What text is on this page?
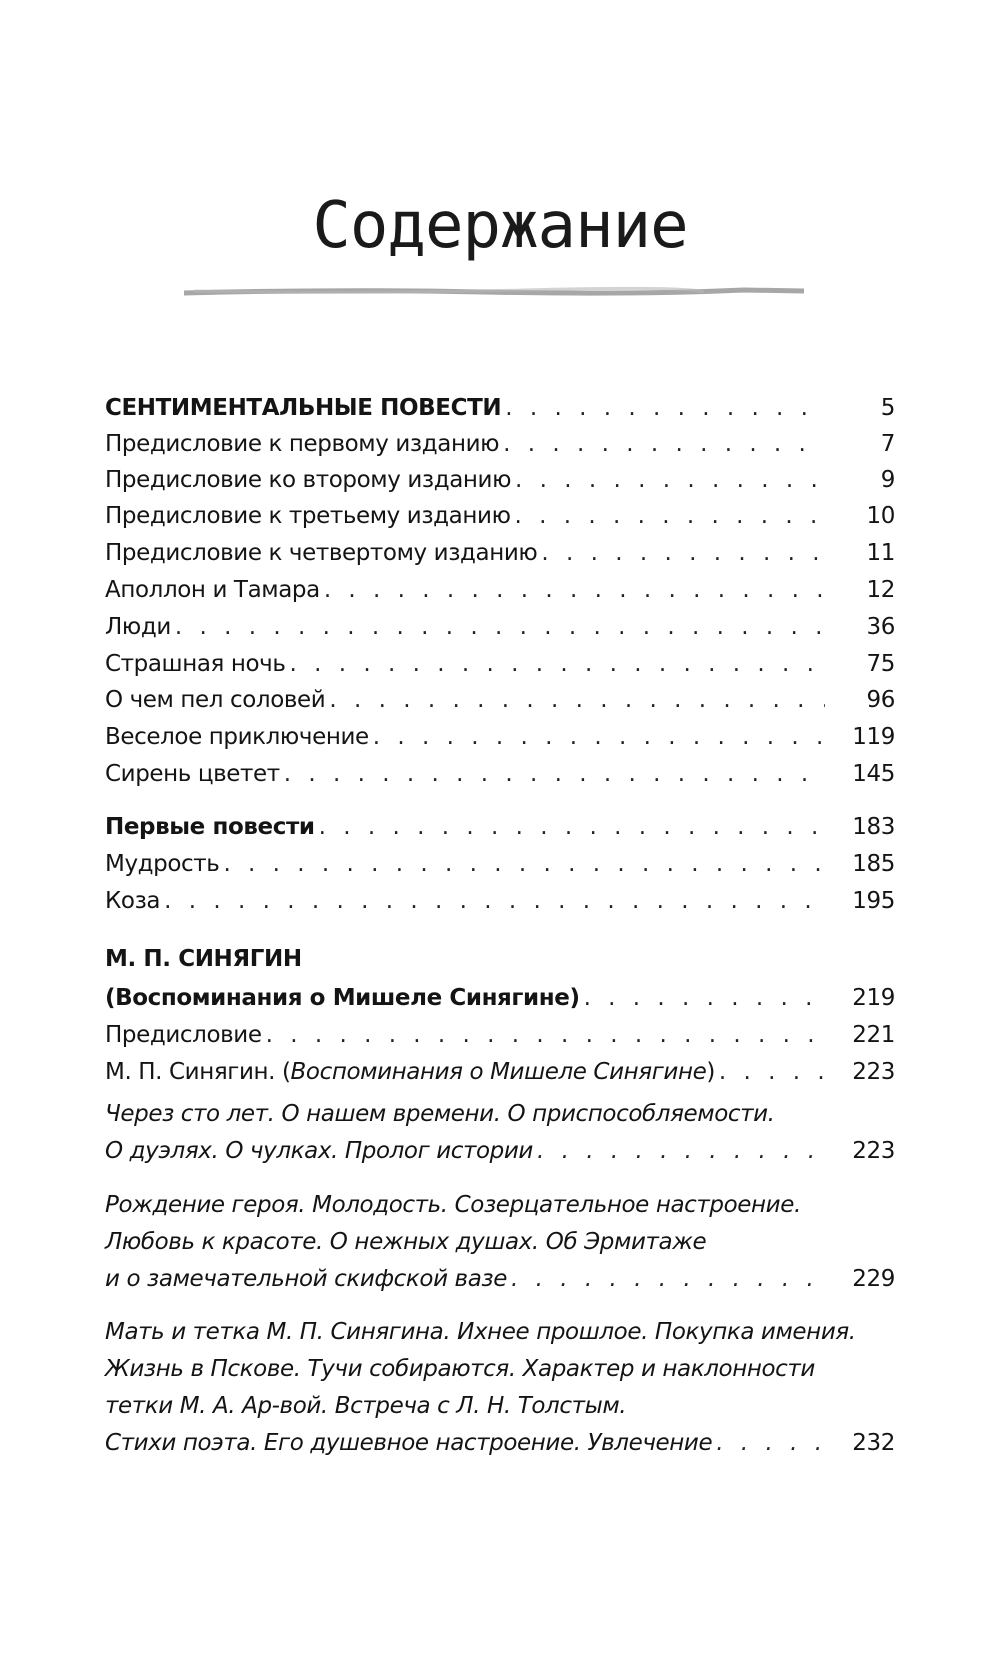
Содержание
СЕНТИМЕНТАЛЬНЫЕ ПОВЕСТИ . . .	5
Предисловие к первому изданию . . .	7
Предисловие ко второму изданию . . .	9
Предисловие к третьему изданию . . .	10
Предисловие к четвертому изданию . . .	11
Аполлон и Тамара . . .	12
Люди . . .	36
Страшная ночь . . .	75
О чем пел соловей . . .	96
Веселое приключение . . .	119
Сирень цветет . . .	145
Первые повести . . .	183
Мудрость . . .	185
Коза . . .	195
М. П. СИНЯГИН
(Воспоминания о Мишеле Синягине) . . .	219
Предисловие . . .	221
М. П. Синягин. (Воспоминания о Мишеле Синягине) . . .	223
Через сто лет. О нашем времени. О приспособляемости.
О дуэлях. О чулках. Пролог истории . . .	223
Рождение героя. Молодость. Созерцательное настроение.
Любовь к красоте. О нежных душах. Об Эрмитаже
и о замечательной скифской вазе . . .	229
Мать и тетка М. П. Синягина. Ихнее прошлое. Покупка имения.
Жизнь в Пскове. Тучи собираются. Характер и наклонности
тетки М. А. Ар-вой. Встреча с Л. Н. Толстым.
Стихи поэта. Его душевное настроение. Увлечение . . .	232
